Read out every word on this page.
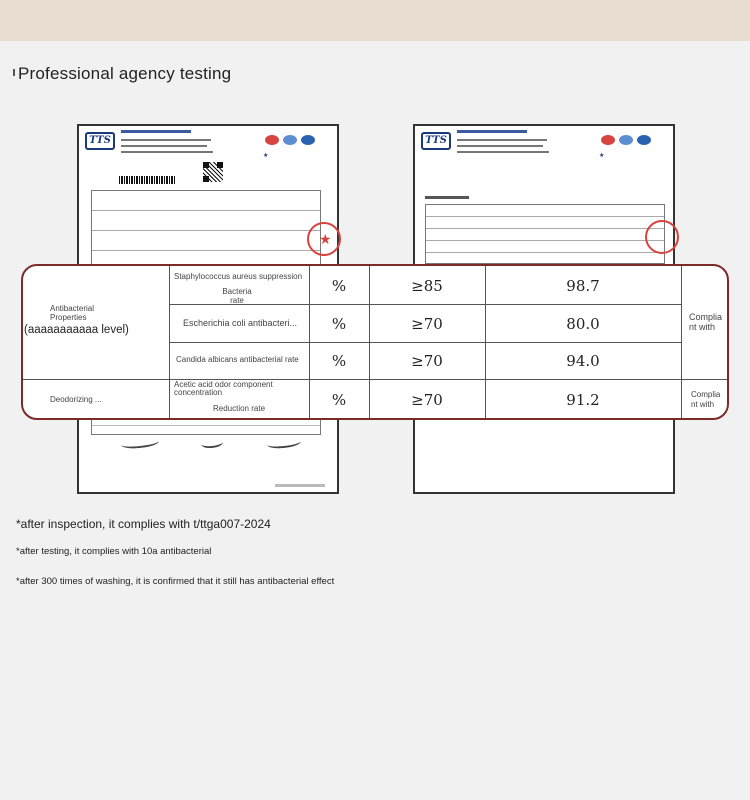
Professional agency testing
TTS
★
★
TTS
★
Antibacterial
Properties
(aaaaaaaaaaa level)
Staphylococcus aureus suppression
Bacteria
rate
%	≥85	98.7
Escherichia coli antibacteri...	%	≥70	80.0
Candida albicans antibacterial rate	%	≥70	94.0
Complia
nt with
Deodorizing ...
Acetic acid odor component
concentration
Reduction rate	%	≥70	91.2	Complia
nt with

*after inspection, it complies with t/ttga007-2024

*after testing, it complies with 10a antibacterial

*after 300 times of washing, it is confirmed that it still has antibacterial effect
